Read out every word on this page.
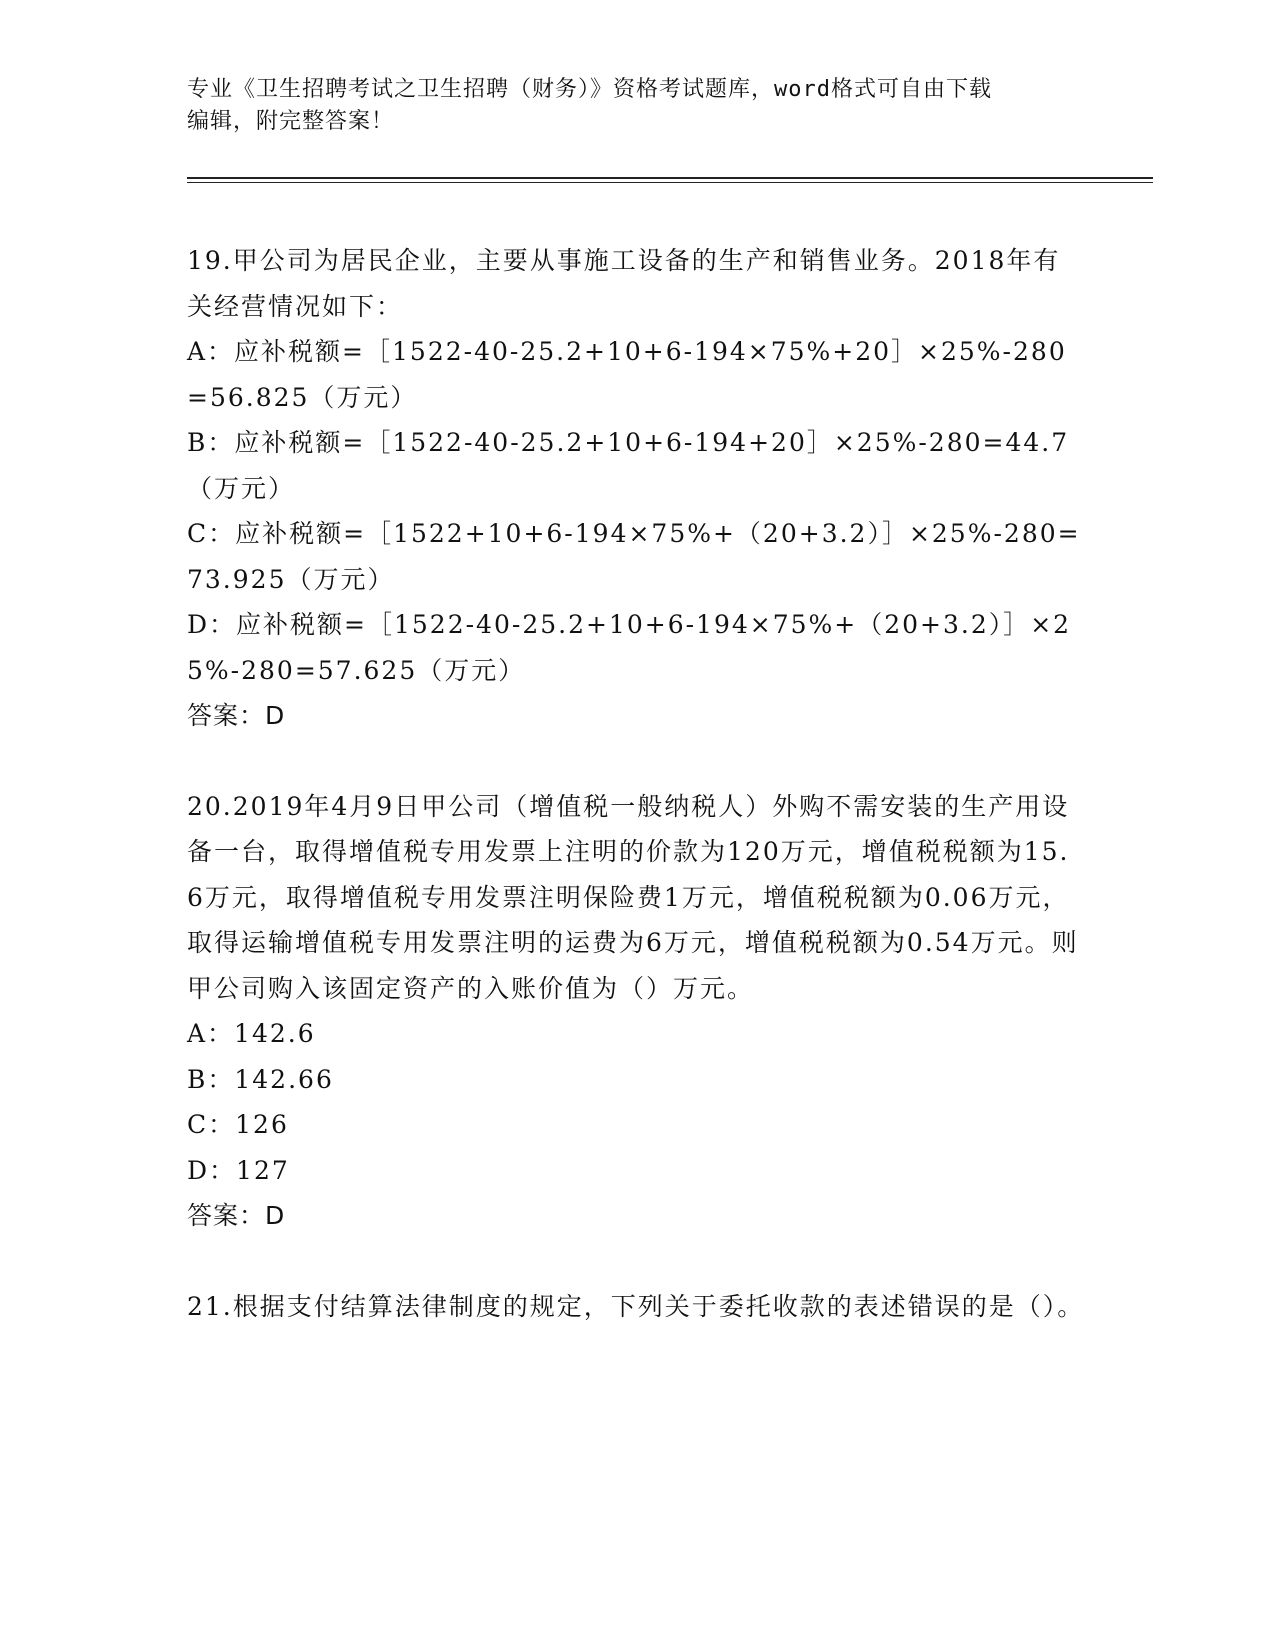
专业《卫生招聘考试之卫生招聘（财务）》资格考试题库，word格式可自由下载
编辑，附完整答案！
19.甲公司为居民企业，主要从事施工设备的生产和销售业务。2018年有关经营情况如下：
A：应补税额=［1522-40-25.2+10+6-194×75%+20］×25%-280=56.825（万元）
B：应补税额=［1522-40-25.2+10+6-194+20］×25%-280=44.7（万元）
C：应补税额=［1522+10+6-194×75%+（20+3.2）］×25%-280=73.925（万元）
D：应补税额=［1522-40-25.2+10+6-194×75%+（20+3.2）］×25%-280=57.625（万元）
答案：D
20.2019年4月9日甲公司（增值税一般纳税人）外购不需安装的生产用设备一台，取得增值税专用发票上注明的价款为120万元，增值税税额为15.6万元，取得增值税专用发票注明保险费1万元，增值税税额为0.06万元，取得运输增值税专用发票注明的运费为6万元，增值税税额为0.54万元。则甲公司购入该固定资产的入账价值为（）万元。
A：142.6
B：142.66
C：126
D：127
答案：D
21.根据支付结算法律制度的规定，下列关于委托收款的表述错误的是（）。
